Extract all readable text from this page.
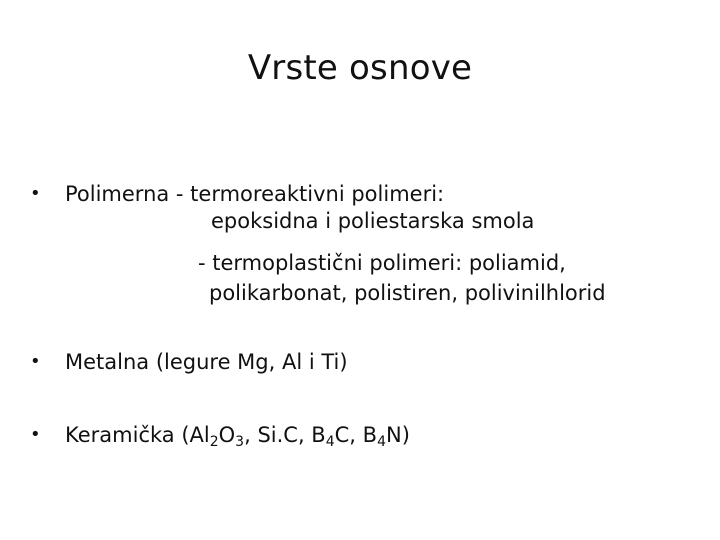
Vrste osnove
• Polimerna - termoreaktivni polimeri:
epoksidna i poliestarska smola
- termoplastični polimeri: poliamid,
polikarbonat, polistiren, polivinilhlorid
• Metalna (legure Mg, Al i Ti)
• Keramička ($Al_2O_3$, Si.C, $B_4C$, $B_4N$)
